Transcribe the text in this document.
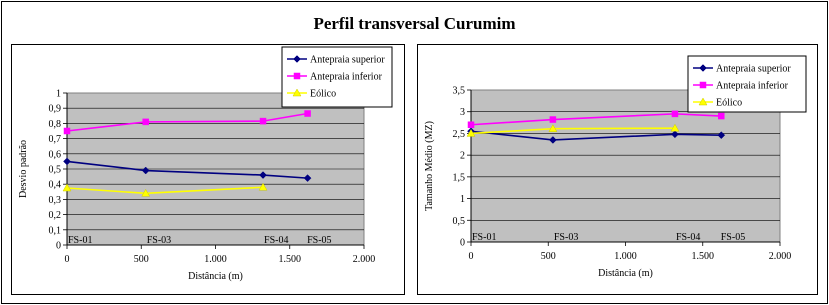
Perfil transversal Curumim
0
0,1
0,2
0,3
0,4
0,5
0,6
0,7
0,8
0,9
1
0	500	1.000	1.500	2.000
Distância (m)
Desvio padrão
FS-01	FS-03	FS-04 FS-05
Antepraia superior
Antepraia inferior
Eólico
0
0,5
1
1,5
2
2,5
3
3,5
0	500	1.000	1.500	2.000
Distância (m)
Tamanho Médio (MZ)
FS-01	FS-03	FS-04 FS-05
Antepraia superior
Antepraia inferior
Eólico
